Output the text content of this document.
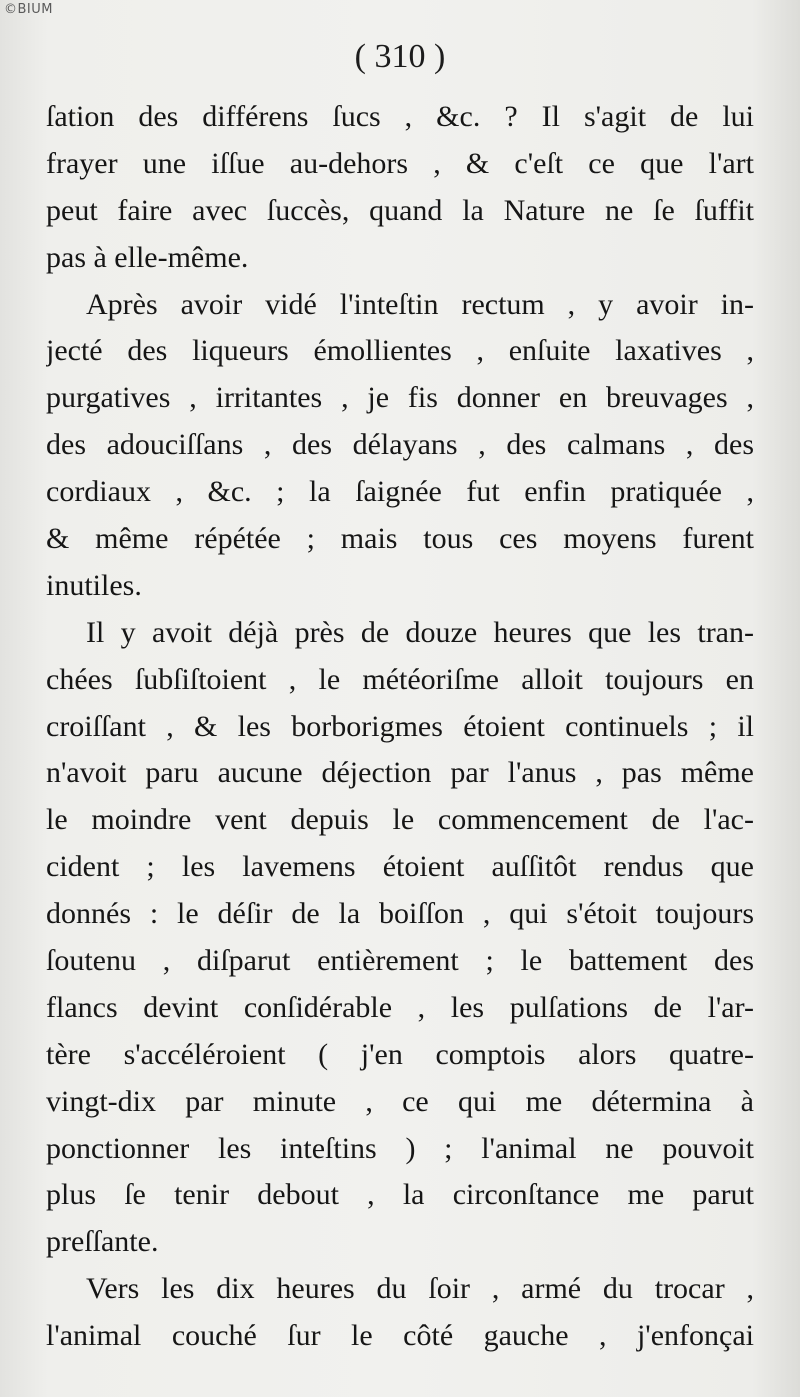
©BIUM
( 310 )
ſation des différens ſucs , &c. ? Il s'agit de lui
frayer une iſſue au-dehors , & c'eſt ce que l'art
peut faire avec ſuccès, quand la Nature ne ſe ſuffit
pas à elle-même.
Après avoir vidé l'inteſtin rectum , y avoir in-
jecté des liqueurs émollientes , enſuite laxatives ,
purgatives , irritantes , je fis donner en breuvages ,
des adouciſſans , des délayans , des calmans , des
cordiaux , &c. ; la ſaignée fut enfin pratiquée ,
& même répétée ; mais tous ces moyens furent
inutiles.
Il y avoit déjà près de douze heures que les tran-
chées ſubſiſtoient , le météoriſme alloit toujours en
croiſſant , & les borborigmes étoient continuels ; il
n'avoit paru aucune déjection par l'anus , pas même
le moindre vent depuis le commencement de l'ac-
cident ; les lavemens étoient auſſitôt rendus que
donnés : le déſir de la boiſſon , qui s'étoit toujours
ſoutenu , diſparut entièrement ; le battement des
flancs devint conſidérable , les pulſations de l'ar-
tère s'accéléroient ( j'en comptois alors quatre-
vingt-dix par minute , ce qui me détermina à
ponctionner les inteſtins ) ; l'animal ne pouvoit
plus ſe tenir debout , la circonſtance me parut
preſſante.
Vers les dix heures du ſoir , armé du trocar ,
l'animal couché ſur le côté gauche , j'enfonçai
